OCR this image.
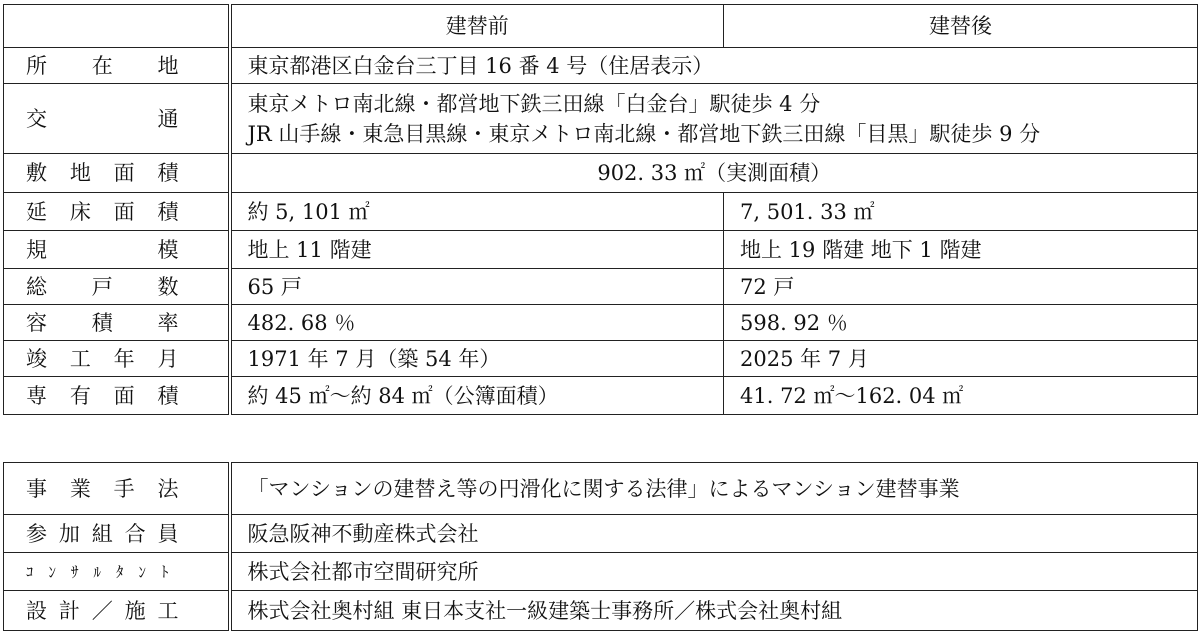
	建替前	建替後
所在地	東京都港区白金台三丁目 16 番 4 号（住居表示）	
交通	東京メトロ南北線・都営地下鉄三田線「白金台」駅徒歩 4 分
JR 山手線・東急目黒線・東京メトロ南北線・都営地下鉄三田線「目黒」駅徒歩 9 分	

敷地面積	902. 33 ㎡（実測面積）	
延床面積	約 5, 101 ㎡	7, 501. 33 ㎡
規模	地上 11 階建	地上 19 階建 地下 1 階建
総戸数	65 戸	72 戸
容積率	482. 68 ％	598. 92 ％
竣工年月	1971 年 7 月（築 54 年）	2025 年 7 月
専有面積	約 45 ㎡～約 84 ㎡（公簿面積）	41. 72 ㎡～162. 04 ㎡
事業手法	「マンションの建替え等の円滑化に関する法律」によるマンション建替事業
参加組合員	阪急阪神不動産株式会社
ｺﾝｻﾙﾀﾝﾄ	株式会社都市空間研究所
設計／施工	株式会社奥村組 東日本支社一級建築士事務所／株式会社奥村組
